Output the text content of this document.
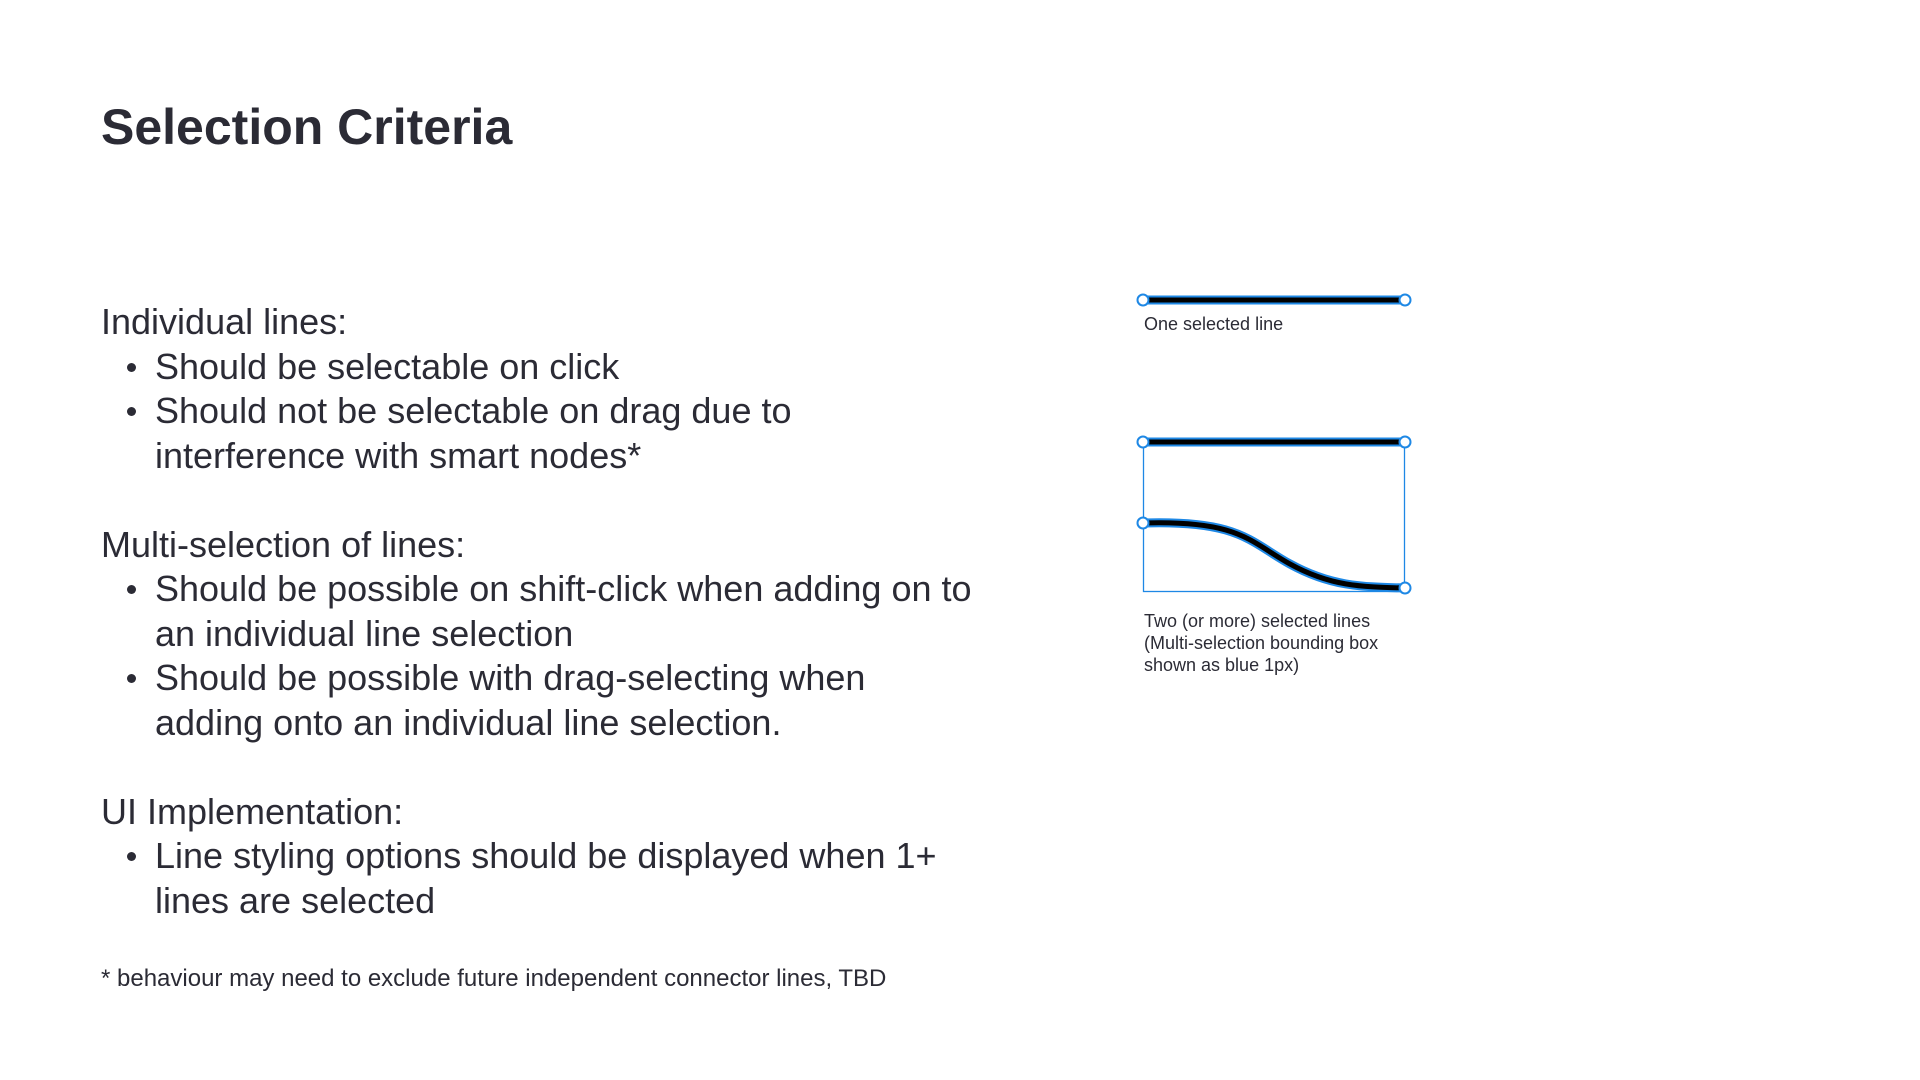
Selection Criteria

Individual lines:

Should be selectable on click
Should not be selectable on drag due to interference with smart nodes*

Multi-selection of lines:

Should be possible on shift-click when adding on to an individual line selection
Should be possible with drag-selecting when adding onto an individual line selection.

UI Implementation:

Line styling options should be displayed when 1+ lines are selected
* behaviour may need to exclude future independent connector lines, TBD
One selected line
Two (or more) selected lines
(Multi-selection bounding box
shown as blue 1px)
